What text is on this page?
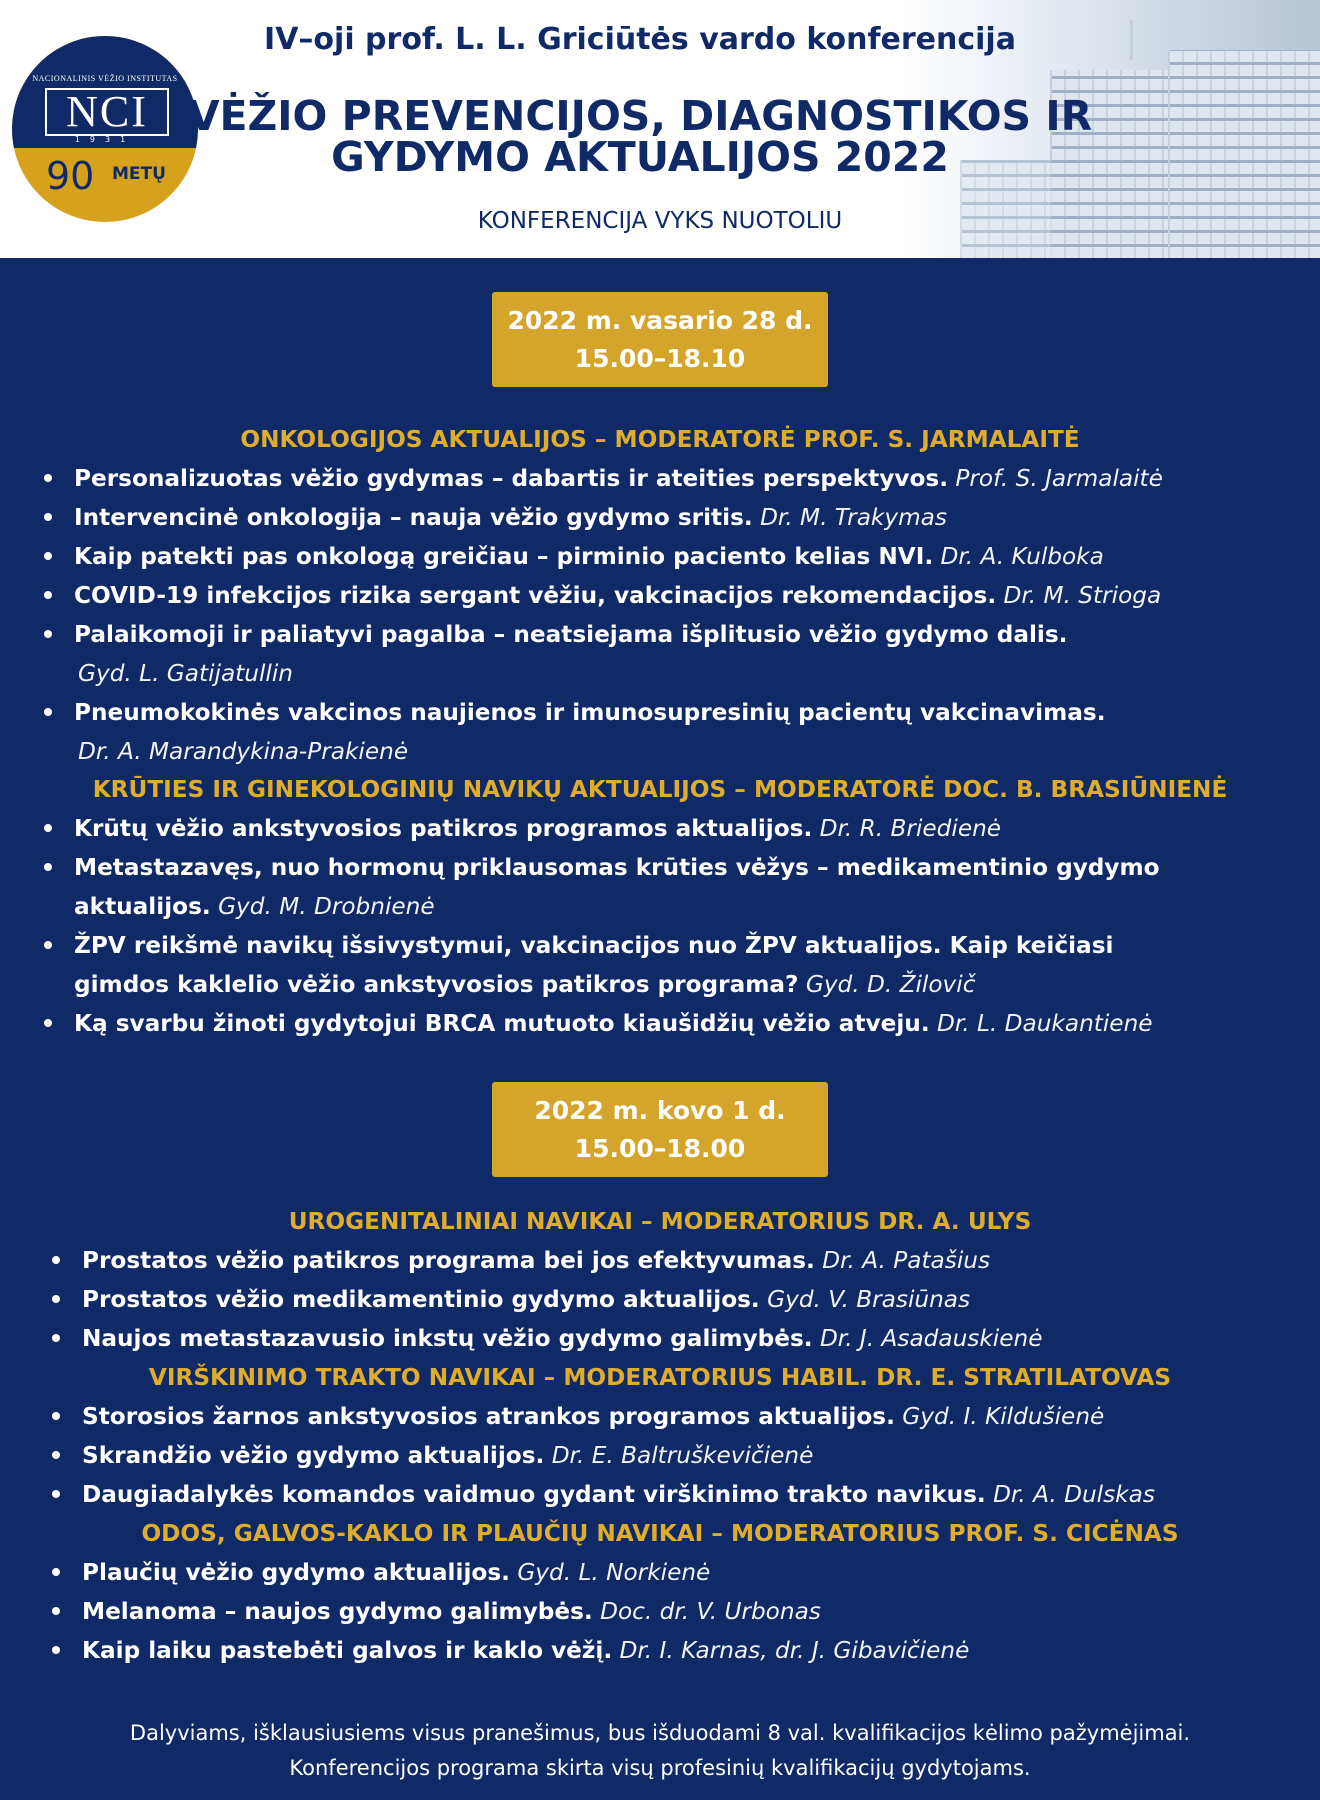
NACIONALINIS VĖŽIO INSTITUTAS
NCI
1931
90 METŲ
IV–oji prof. L. L. Griciūtės vardo konferencija
VĖŽIO PREVENCIJOS, DIAGNOSTIKOS IR
GYDYMO AKTUALIJOS 2022
KONFERENCIJA VYKS NUOTOLIU
2022 m. vasario 28 d.
15.00–18.10
ONKOLOGIJOS AKTUALIJOS – MODERATORĖ PROF. S. JARMALAITĖ
Personalizuotas vėžio gydymas – dabartis ir ateities perspektyvos. Prof. S. Jarmalaitė
Intervencinė onkologija – nauja vėžio gydymo sritis. Dr. M. Trakymas
Kaip patekti pas onkologą greičiau – pirminio paciento kelias NVI. Dr. A. Kulboka
COVID-19 infekcijos rizika sergant vėžiu, vakcinacijos rekomendacijos. Dr. M. Strioga
Palaikomoji ir paliatyvi pagalba – neatsiejama išplitusio vėžio gydymo dalis.
Gyd. L. Gatijatullin
Pneumokokinės vakcinos naujienos ir imunosupresinių pacientų vakcinavimas.
Dr. A. Marandykina-Prakienė
KRŪTIES IR GINEKOLOGINIŲ NAVIKŲ AKTUALIJOS – MODERATORĖ DOC. B. BRASIŪNIENĖ
Krūtų vėžio ankstyvosios patikros programos aktualijos. Dr. R. Briedienė
Metastazavęs, nuo hormonų priklausomas krūties vėžys – medikamentinio gydymo aktualijos. Gyd. M. Drobnienė
ŽPV reikšmė navikų išsivystymui, vakcinacijos nuo ŽPV aktualijos. Kaip keičiasi gimdos kaklelio vėžio ankstyvosios patikros programa? Gyd. D. Žilovič
Ką svarbu žinoti gydytojui BRCA mutuoto kiaušidžių vėžio atveju. Dr. L. Daukantienė
2022 m. kovo 1 d.
15.00–18.00
UROGENITALINIAI NAVIKAI – MODERATORIUS DR. A. ULYS
Prostatos vėžio patikros programa bei jos efektyvumas. Dr. A. Patašius
Prostatos vėžio medikamentinio gydymo aktualijos. Gyd. V. Brasiūnas
Naujos metastazavusio inkstų vėžio gydymo galimybės. Dr. J. Asadauskienė
VIRŠKINIMO TRAKTO NAVIKAI – MODERATORIUS HABIL. DR. E. STRATILATOVAS
Storosios žarnos ankstyvosios atrankos programos aktualijos. Gyd. I. Kildušienė
Skrandžio vėžio gydymo aktualijos. Dr. E. Baltruškevičienė
Daugiadalykės komandos vaidmuo gydant virškinimo trakto navikus. Dr. A. Dulskas
ODOS, GALVOS-KAKLO IR PLAUČIŲ NAVIKAI – MODERATORIUS PROF. S. CICĖNAS
Plaučių vėžio gydymo aktualijos. Gyd. L. Norkienė
Melanoma – naujos gydymo galimybės. Doc. dr. V. Urbonas
Kaip laiku pastebėti galvos ir kaklo vėžį. Dr. I. Karnas, dr. J. Gibavičienė
Dalyviams, išklausiusiems visus pranešimus, bus išduodami 8 val. kvalifikacijos kėlimo pažymėjimai.
Konferencijos programa skirta visų profesinių kvalifikacijų gydytojams.
